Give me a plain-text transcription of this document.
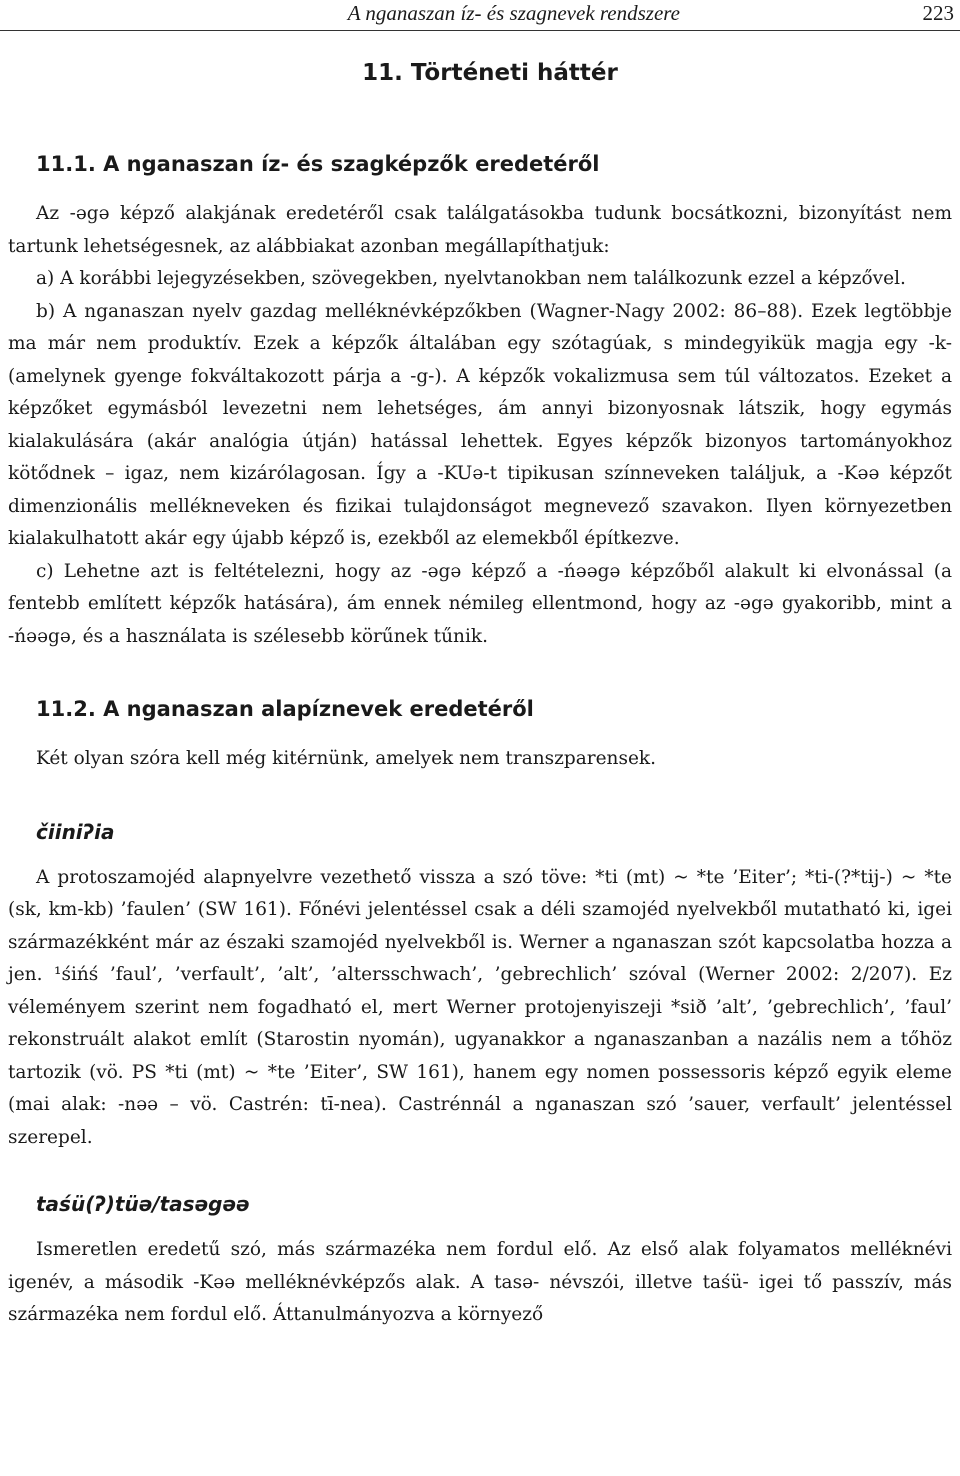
A nganaszan íz- és szagnevek rendszere	223
11. Történeti háttér
11.1. A nganaszan íz- és szagképzők eredetéről

Az -əgə képző alakjának eredetéről csak találgatásokba tudunk bocsátkozni, bizonyítást nem tartunk lehetségesnek, az alábbiakat azonban megállapíthatjuk:

a) A korábbi lejegyzésekben, szövegekben, nyelvtanokban nem találkozunk ezzel a képzővel.

b) A nganaszan nyelv gazdag melléknévképzőkben (Wagner-Nagy 2002: 86–88). Ezek legtöbbje ma már nem produktív. Ezek a képzők általában egy szótagúak, s mindegyikük magja egy -k- (amelynek gyenge fokváltakozott párja a -g-). A képzők vokalizmusa sem túl változatos. Ezeket a képzőket egymásból levezetni nem lehetséges, ám annyi bizonyosnak látszik, hogy egymás kialakulására (akár analógia útján) hatással lehettek. Egyes képzők bizonyos tartományokhoz kötődnek – igaz, nem kizárólagosan. Így a -KUə-t tipikusan színneveken találjuk, a -Kəə képzőt dimenzionális mellékneveken és fizikai tulajdonságot megnevező szavakon. Ilyen környezetben kialakulhatott akár egy újabb képző is, ezekből az elemekből építkezve.

c) Lehetne azt is feltételezni, hogy az -əgə képző a -ńəəgə képzőből alakult ki elvonással (a fentebb említett képzők hatására), ám ennek némileg ellentmond, hogy az -əgə gyakoribb, mint a -ńəəgə, és a használata is szélesebb körűnek tűnik.

11.2. A nganaszan alapíznevek eredetéről
Két olyan szóra kell még kitérnünk, amelyek nem transzparensek.
čiiniʔia

A protoszamojéd alapnyelvre vezethető vissza a szó töve: *ti (mt) ~ *te ’Eiter’; *ti-(?*tij-) ~ *te (sk, km-kb) ’faulen’ (SW 161). Főnévi jelentéssel csak a déli szamojéd nyelvekből mutatható ki, igei származékként már az északi szamojéd nyelvekből is. Werner a nganaszan szót kapcsolatba hozza a jen. ¹śińś ’faul’, ’verfault’, ’alt’, ’altersschwach’, ’gebrechlich’ szóval (Werner 2002: 2/207). Ez véleményem szerint nem fogadható el, mert Werner protojenyiszeji *sið ’alt’, ’gebrechlich’, ’faul’ rekonstruált alakot említ (Starostin nyomán), ugyanakkor a nganaszanban a nazális nem a tőhöz tartozik (vö. PS *ti (mt) ~ *te ’Eiter’, SW 161), hanem egy nomen possessoris képző egyik eleme (mai alak: -nəə – vö. Castrén: tī-nea). Castrénnál a nganaszan szó ’sauer, verfault’ jelentéssel szerepel.

taśü(ʔ)tüə/tasəgəə

Ismeretlen eredetű szó, más származéka nem fordul elő. Az első alak folyamatos melléknévi igenév, a második -Kəə melléknévképzős alak. A tasə- névszói, illetve taśü- igei tő passzív, más származéka nem fordul elő. Áttanulmányozva a környező
